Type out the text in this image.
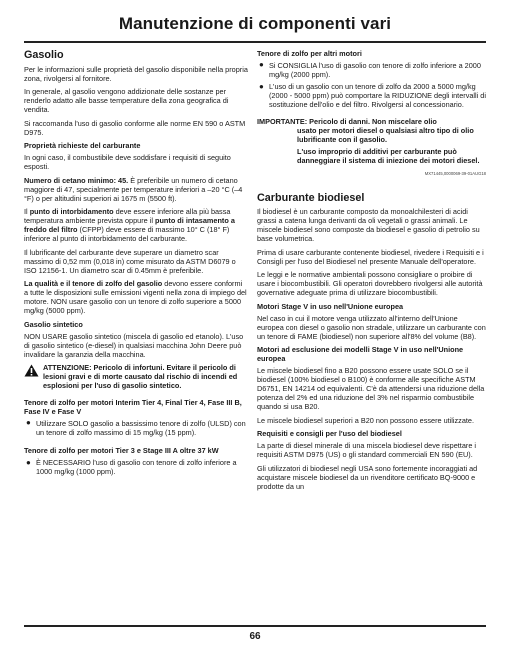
Manutenzione di componenti vari
Gasolio

Per le informazioni sulle proprietà del gasolio disponibile nella propria zona, rivolgersi al fornitore.

In generale, al gasolio vengono addizionate delle sostanze per renderlo adatto alle basse temperature della zona geografica di vendita.

Si raccomanda l'uso di gasolio conforme alle norme EN 590 o ASTM D975.

Proprietà richieste del carburante

In ogni caso, il combustibile deve soddisfare i requisiti di seguito esposti.

Numero di cetano minimo: 45. È preferibile un numero di cetano maggiore di 47, specialmente per temperature inferiori a –20 °C (–4 °F) o per altitudini superiori ai 1675 m (5500 ft).

Il punto di intorbidamento deve essere inferiore alla più bassa temperatura ambiente prevista oppure il punto di intasamento a freddo del filtro (CFPP) deve essere di massimo 10° C (18° F) inferiore al punto di intorbidamento del carburante.

Il lubrificante del carburante deve superare un diametro scar massimo di 0,52 mm (0,018 in) come misurato da ASTM D6079 o ISO 12156-1. Un diametro scar di 0.45mm è preferibile.

La qualità e il tenore di zolfo del gasolio devono essere conformi a tutte le disposizioni sulle emissioni vigenti nella zona di impiego del motore. NON usare gasolio con un tenore di zolfo superiore a 5000 mg/kg (5000 ppm).

Gasolio sintetico

NON USARE gasolio sintetico (miscela di gasolio ed etanolo). L'uso di gasolio sintetico (e-diesel) in qualsiasi macchina John Deere può invalidare la garanzia della macchina.

ATTENZIONE: Pericolo di infortuni. Evitare il pericolo di lesioni gravi e di morte causato dal rischio di incendi ed esplosioni per l'uso di gasolio sintetico.
Tenore di zolfo per motori Interim Tier 4, Final Tier 4, Fase III B, Fase IV e Fase V
● Utilizzare SOLO gasolio a bassissimo tenore di zolfo (ULSD) con un tenore di zolfo massimo di 15 mg/kg (15 ppm).
Tenore di zolfo per motori Tier 3 e Stage III A oltre 37 kW
● È NECESSARIO l'uso di gasolio con tenore di zolfo inferiore a 1000 mg/kg (1000 ppm).
Tenore di zolfo per altri motori
● Si CONSIGLIA l'uso di gasolio con tenore di zolfo inferiore a 2000 mg/kg (2000 ppm).
● L'uso di un gasolio con un tenore di zolfo da 2000 a 5000 mg/kg (2000 - 5000 ppm) può comportare la RIDUZIONE degli intervalli di sostituzione dell'olio e del filtro. Rivolgersi al concessionario.
IMPORTANTE: Pericolo di danni. Non miscelare olio
usato per motori diesel o qualsiasi altro tipo di olio lubrificante con il gasolio.
L'uso improprio di additivi per carburante può danneggiare il sistema di iniezione dei motori diesel.
MX71445,0000069-39-01AUG18
Carburante biodiesel

Il biodiesel è un carburante composto da monoalchilesteri di acidi grassi a catena lunga derivanti da oli vegetali o grassi animali. Le miscele biodiesel sono composte da biodiesel e gasolio di petrolio su base volumetrica.

Prima di usare carburante contenente biodiesel, rivedere i Requisiti e i Consigli per l'uso del Biodiesel nel presente Manuale dell'operatore.

Le leggi e le normative ambientali possono consigliare o proibire di usare i biocombustibili. Gli operatori dovrebbero rivolgersi alle autorità governative adeguate prima di utilizzare biocombustibili.

Motori Stage V in uso nell'Unione europea

Nel caso in cui il motore venga utilizzato all'interno dell'Unione europea con diesel o gasolio non stradale, utilizzare un carburante con un tenore di FAME (biodiesel) non superiore all'8% del volume (B8).

Motori ad esclusione dei modelli Stage V in uso nell'Unione europea

Le miscele biodiesel fino a B20 possono essere usate SOLO se il biodiesel (100% biodiesel o B100) è conforme alle specifiche ASTM D6751, EN 14214 od equivalenti. C'è da attendersi una riduzione della potenza del 2% ed una riduzione del 3% nel risparmio combustibile quando si usa B20.

Le miscele biodiesel superiori a B20 non possono essere utilizzate.

Requisiti e consigli per l'uso del biodiesel

La parte di diesel minerale di una miscela biodiesel deve rispettare i requisiti ASTM D975 (US) o gli standard commerciali EN 590 (EU).

Gli utilizzatori di biodiesel negli USA sono fortemente incoraggiati ad acquistare miscele biodiesel da un rivenditore certificato BQ-9000 e prodotte da un

66
